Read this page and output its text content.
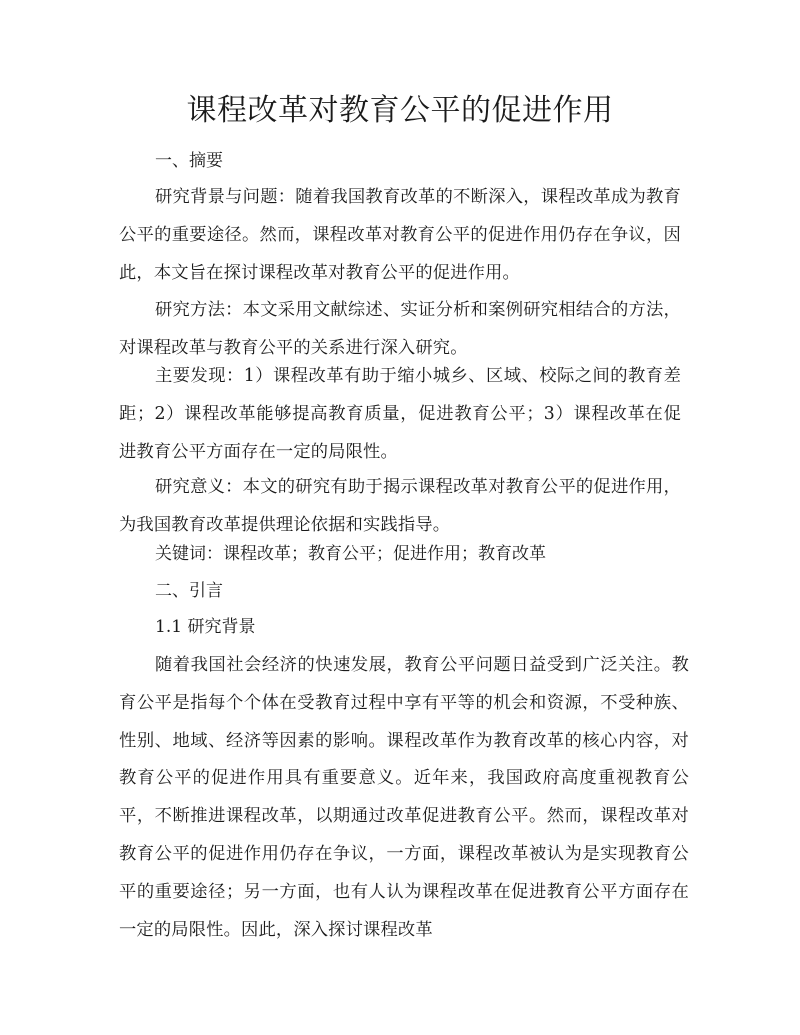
课程改革对教育公平的促进作用
一、摘要
研究背景与问题：随着我国教育改革的不断深入，课程改革成为教育公平的重要途径。然而，课程改革对教育公平的促进作用仍存在争议，因此，本文旨在探讨课程改革对教育公平的促进作用。
研究方法：本文采用文献综述、实证分析和案例研究相结合的方法，对课程改革与教育公平的关系进行深入研究。
主要发现：1）课程改革有助于缩小城乡、区域、校际之间的教育差距；2）课程改革能够提高教育质量，促进教育公平；3）课程改革在促进教育公平方面存在一定的局限性。
研究意义：本文的研究有助于揭示课程改革对教育公平的促进作用，为我国教育改革提供理论依据和实践指导。
关键词：课程改革；教育公平；促进作用；教育改革
二、引言
1.1 研究背景
随着我国社会经济的快速发展，教育公平问题日益受到广泛关注。教育公平是指每个个体在受教育过程中享有平等的机会和资源，不受种族、性别、地域、经济等因素的影响。课程改革作为教育改革的核心内容，对教育公平的促进作用具有重要意义。近年来，我国政府高度重视教育公平，不断推进课程改革，以期通过改革促进教育公平。然而，课程改革对教育公平的促进作用仍存在争议，一方面，课程改革被认为是实现教育公平的重要途径；另一方面，也有人认为课程改革在促进教育公平方面存在一定的局限性。因此，深入探讨课程改革
